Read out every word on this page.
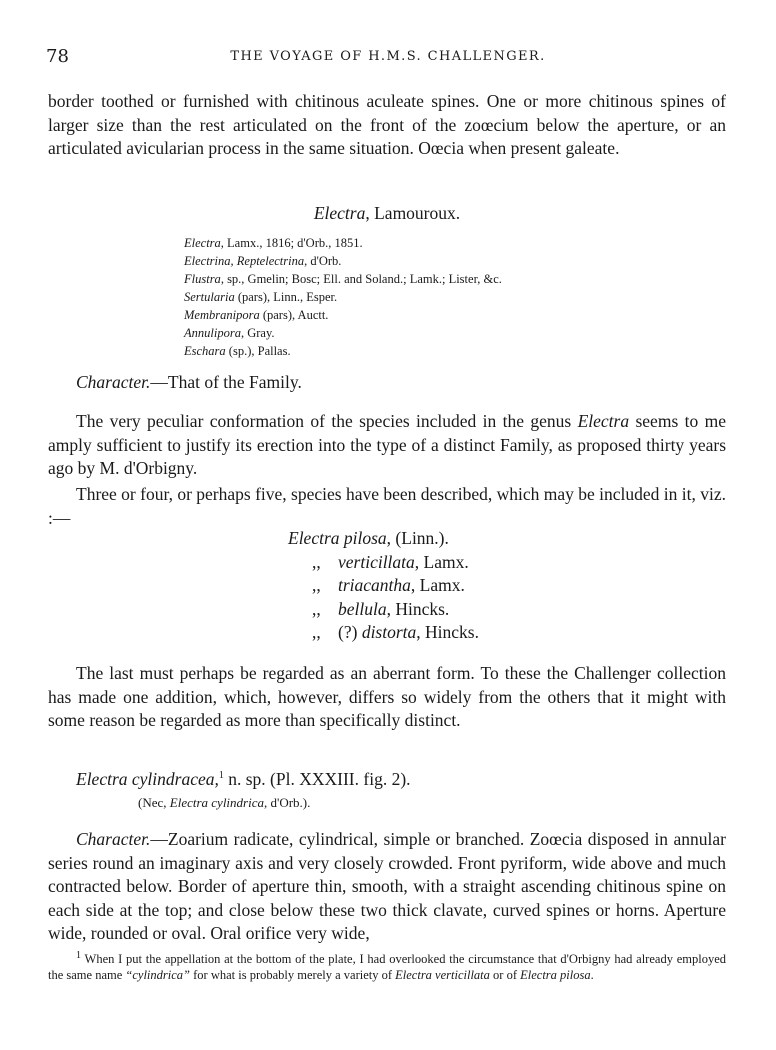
78	THE VOYAGE OF H.M.S. CHALLENGER.

border toothed or furnished with chitinous aculeate spines. One or more chitinous spines of larger size than the rest articulated on the front of the zoœcium below the aperture, or an articulated avicularian process in the same situation. Oœcia when present galeate.

Electra, Lamouroux.

Electra, Lamx., 1816; d'Orb., 1851.
Electrina, Reptelectrina, d'Orb.
Flustra, sp., Gmelin; Bosc; Ell. and Soland.; Lamk.; Lister, &c.
Sertularia (pars), Linn., Esper.
Membranipora (pars), Auctt.
Annulipora, Gray.
Eschara (sp.), Pallas.

Character.—That of the Family.

The very peculiar conformation of the species included in the genus Electra seems to me amply sufficient to justify its erection into the type of a distinct Family, as proposed thirty years ago by M. d'Orbigny.

Three or four, or perhaps five, species have been described, which may be included in it, viz. :—

Electra pilosa, (Linn.).
,, verticillata, Lamx.
,, triacantha, Lamx.
,, bellula, Hincks.
,, (?) distorta, Hincks.

The last must perhaps be regarded as an aberrant form. To these the Challenger collection has made one addition, which, however, differs so widely from the others that it might with some reason be regarded as more than specifically distinct.

Electra cylindracea,$^1$ n. sp. (Pl. XXXIII. fig. 2).

(Nec, Electra cylindrica, d'Orb.).

Character.—Zoarium radicate, cylindrical, simple or branched. Zoœcia disposed in annular series round an imaginary axis and very closely crowded. Front pyriform, wide above and much contracted below. Border of aperture thin, smooth, with a straight ascending chitinous spine on each side at the top; and close below these two thick clavate, curved spines or horns. Aperture wide, rounded or oval. Oral orifice very wide,

$^1$ When I put the appellation at the bottom of the plate, I had overlooked the circumstance that d'Orbigny had already employed the same name “cylindrica” for what is probably merely a variety of Electra verticillata or of Electra pilosa.
